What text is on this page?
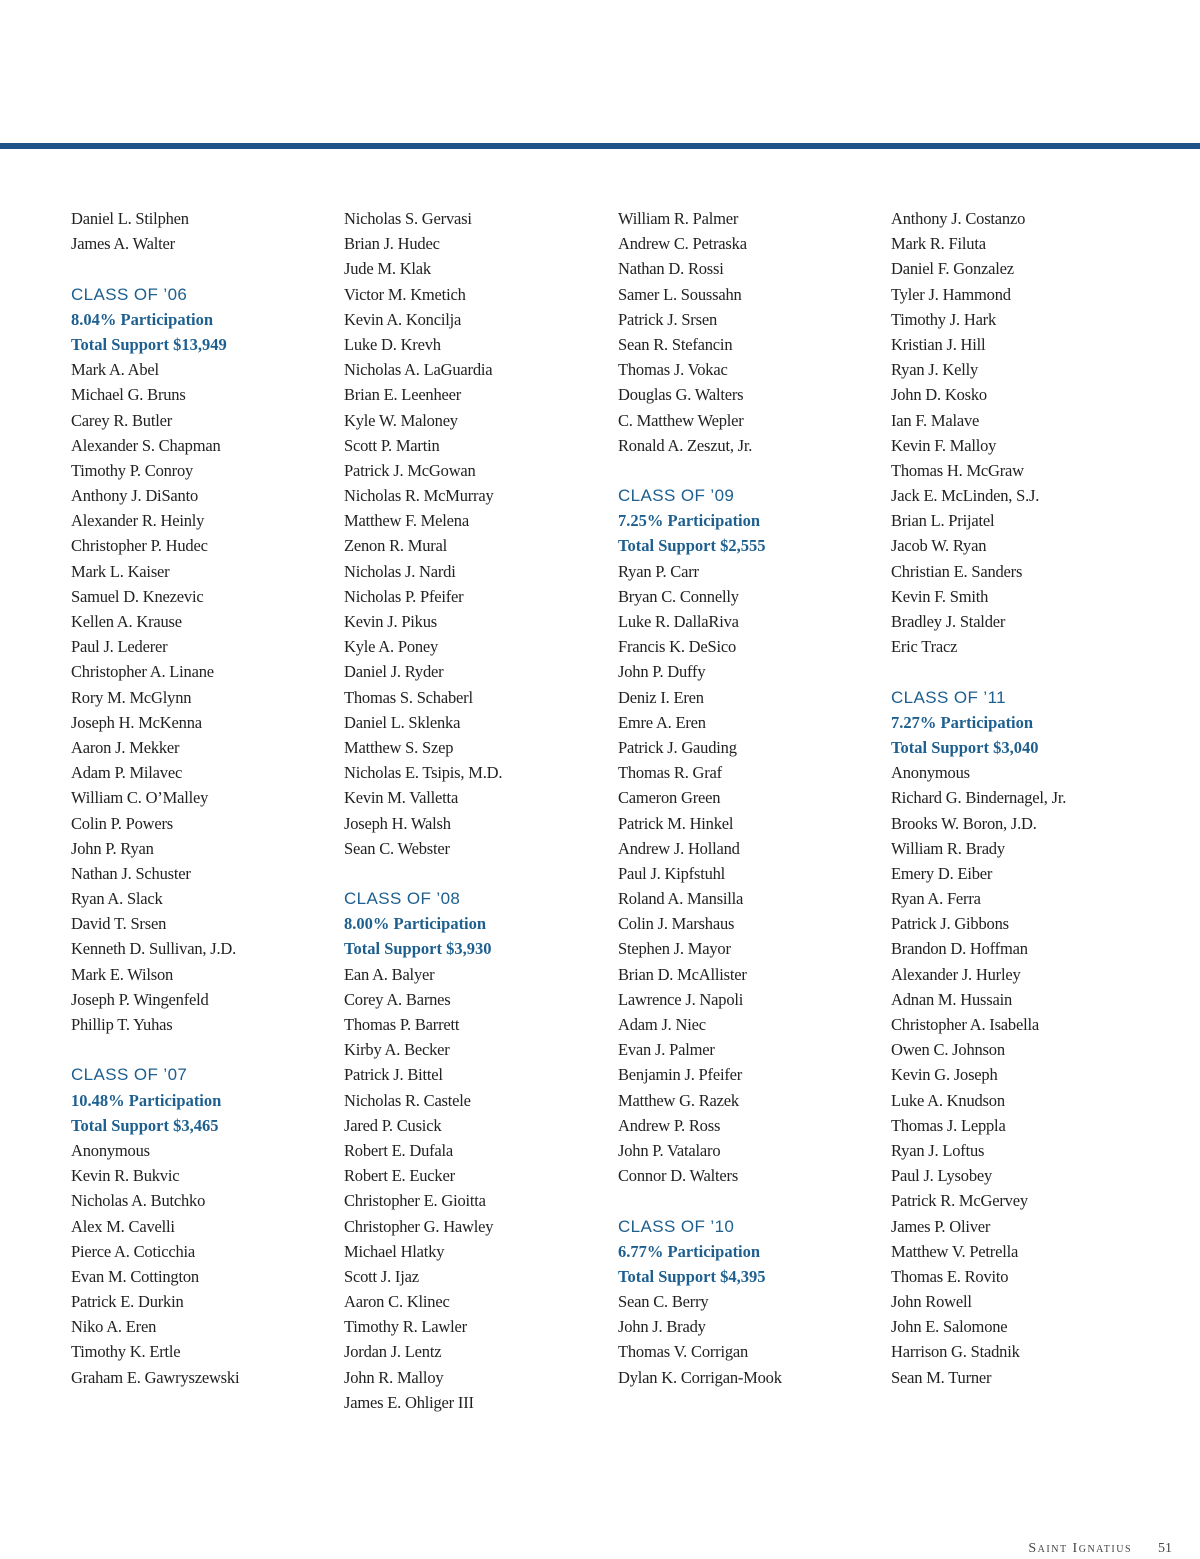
Daniel L. Stilphen
James A. Walter
CLASS OF ’06
8.04% Participation
Total Support $13,949
Mark A. Abel
Michael G. Bruns
Carey R. Butler
Alexander S. Chapman
Timothy P. Conroy
Anthony J. DiSanto
Alexander R. Heinly
Christopher P. Hudec
Mark L. Kaiser
Samuel D. Knezevic
Kellen A. Krause
Paul J. Lederer
Christopher A. Linane
Rory M. McGlynn
Joseph H. McKenna
Aaron J. Mekker
Adam P. Milavec
William C. O’Malley
Colin P. Powers
John P. Ryan
Nathan J. Schuster
Ryan A. Slack
David T. Srsen
Kenneth D. Sullivan, J.D.
Mark E. Wilson
Joseph P. Wingenfeld
Phillip T. Yuhas
CLASS OF ’07
10.48% Participation
Total Support $3,465
Anonymous
Kevin R. Bukvic
Nicholas A. Butchko
Alex M. Cavelli
Pierce A. Coticchia
Evan M. Cottington
Patrick E. Durkin
Niko A. Eren
Timothy K. Ertle
Graham E. Gawryszewski
Nicholas S. Gervasi
Brian J. Hudec
Jude M. Klak
Victor M. Kmetich
Kevin A. Koncilja
Luke D. Krevh
Nicholas A. LaGuardia
Brian E. Leenheer
Kyle W. Maloney
Scott P. Martin
Patrick J. McGowan
Nicholas R. McMurray
Matthew F. Melena
Zenon R. Mural
Nicholas J. Nardi
Nicholas P. Pfeifer
Kevin J. Pikus
Kyle A. Poney
Daniel J. Ryder
Thomas S. Schaberl
Daniel L. Sklenka
Matthew S. Szep
Nicholas E. Tsipis, M.D.
Kevin M. Valletta
Joseph H. Walsh
Sean C. Webster
CLASS OF ’08
8.00% Participation
Total Support $3,930
Ean A. Balyer
Corey A. Barnes
Thomas P. Barrett
Kirby A. Becker
Patrick J. Bittel
Nicholas R. Castele
Jared P. Cusick
Robert E. Dufala
Robert E. Eucker
Christopher E. Gioitta
Christopher G. Hawley
Michael Hlatky
Scott J. Ijaz
Aaron C. Klinec
Timothy R. Lawler
Jordan J. Lentz
John R. Malloy
James E. Ohliger III
William R. Palmer
Andrew C. Petraska
Nathan D. Rossi
Samer L. Soussahn
Patrick J. Srsen
Sean R. Stefancin
Thomas J. Vokac
Douglas G. Walters
C. Matthew Wepler
Ronald A. Zeszut, Jr.
CLASS OF ’09
7.25% Participation
Total Support $2,555
Ryan P. Carr
Bryan C. Connelly
Luke R. DallaRiva
Francis K. DeSico
John P. Duffy
Deniz I. Eren
Emre A. Eren
Patrick J. Gauding
Thomas R. Graf
Cameron Green
Patrick M. Hinkel
Andrew J. Holland
Paul J. Kipfstuhl
Roland A. Mansilla
Colin J. Marshaus
Stephen J. Mayor
Brian D. McAllister
Lawrence J. Napoli
Adam J. Niec
Evan J. Palmer
Benjamin J. Pfeifer
Matthew G. Razek
Andrew P. Ross
John P. Vatalaro
Connor D. Walters
CLASS OF ’10
6.77% Participation
Total Support $4,395
Sean C. Berry
John J. Brady
Thomas V. Corrigan
Dylan K. Corrigan-Mook
Anthony J. Costanzo
Mark R. Filuta
Daniel F. Gonzalez
Tyler J. Hammond
Timothy J. Hark
Kristian J. Hill
Ryan J. Kelly
John D. Kosko
Ian F. Malave
Kevin F. Malloy
Thomas H. McGraw
Jack E. McLinden, S.J.
Brian L. Prijatel
Jacob W. Ryan
Christian E. Sanders
Kevin F. Smith
Bradley J. Stalder
Eric Tracz
CLASS OF ’11
7.27% Participation
Total Support $3,040
Anonymous
Richard G. Bindernagel, Jr.
Brooks W. Boron, J.D.
William R. Brady
Emery D. Eiber
Ryan A. Ferra
Patrick J. Gibbons
Brandon D. Hoffman
Alexander J. Hurley
Adnan M. Hussain
Christopher A. Isabella
Owen C. Johnson
Kevin G. Joseph
Luke A. Knudson
Thomas J. Leppla
Ryan J. Loftus
Paul J. Lysobey
Patrick R. McGervey
James P. Oliver
Matthew V. Petrella
Thomas E. Rovito
John Rowell
John E. Salomone
Harrison G. Stadnik
Sean M. Turner
Saint Ignatius 51
